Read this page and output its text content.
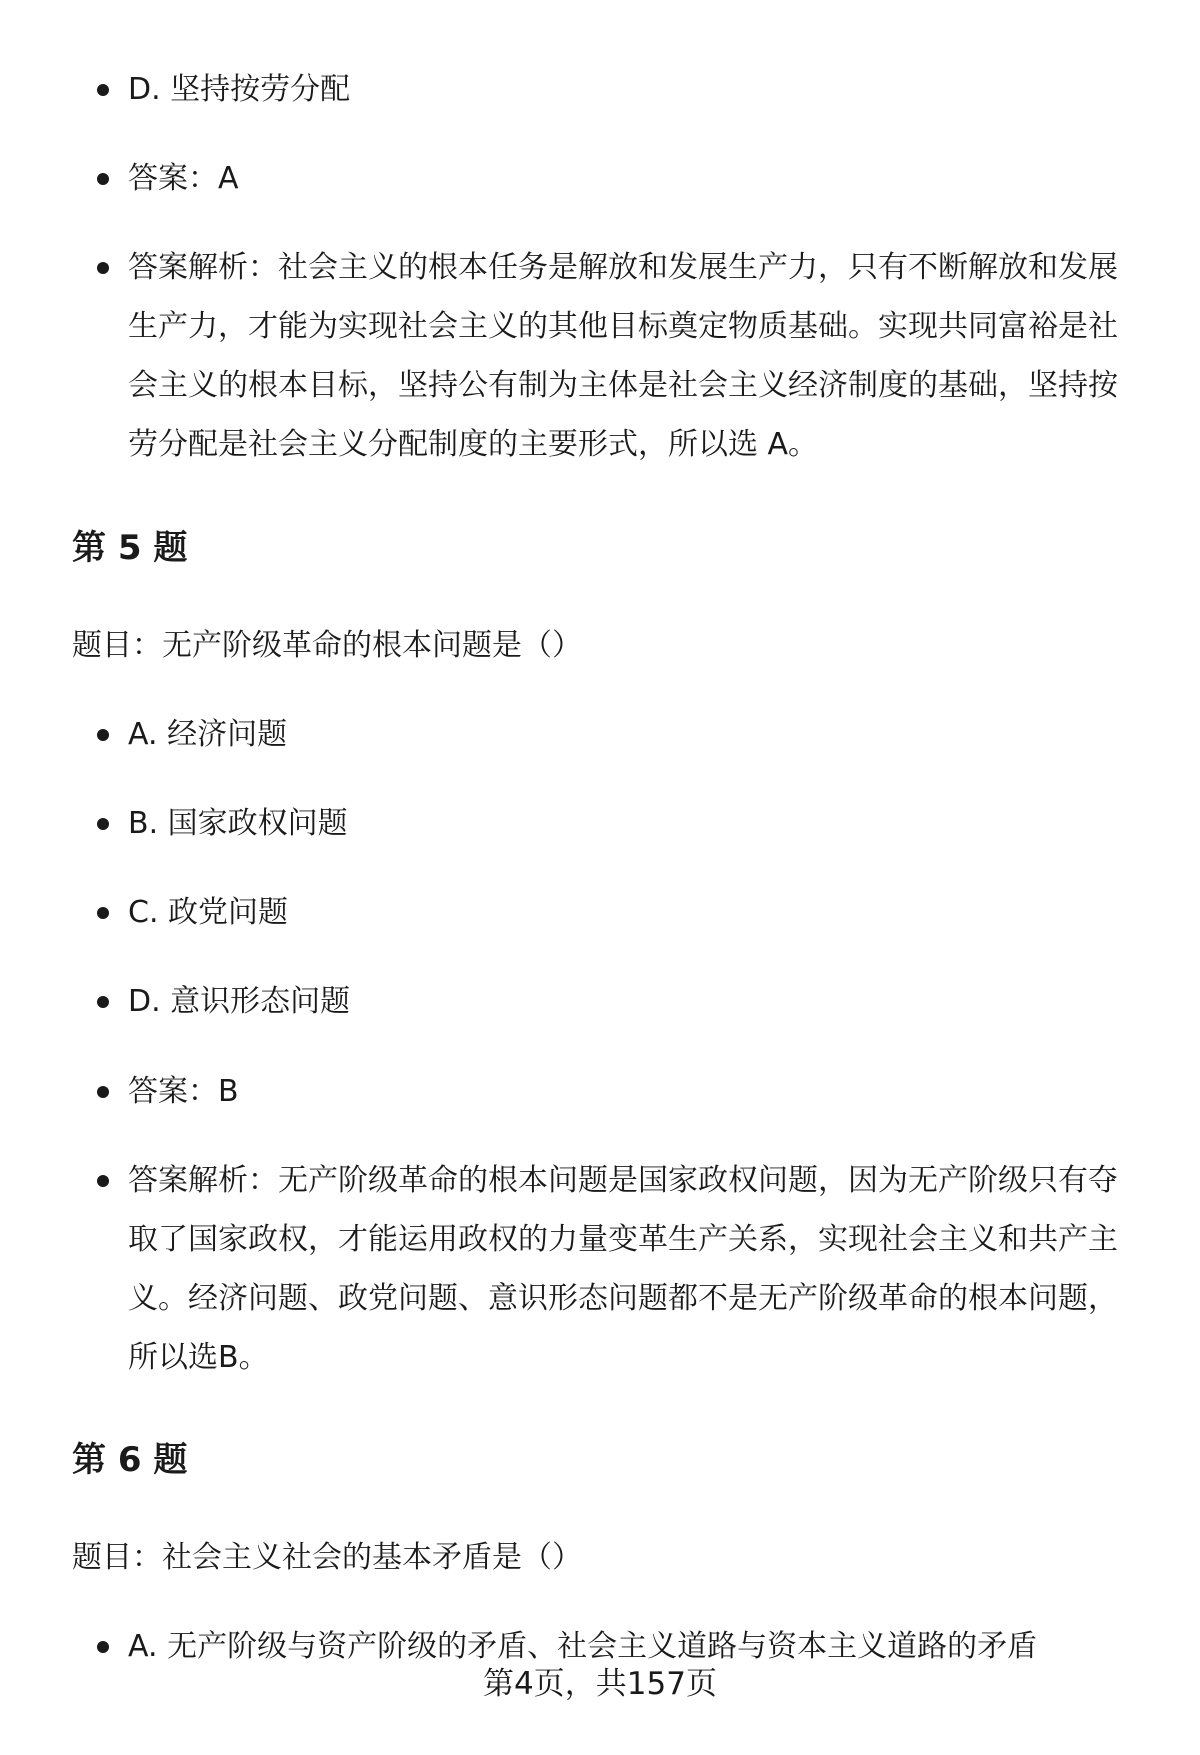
D. 坚持按劳分配

答案：A

答案解析：社会主义的根本任务是解放和发展生产力，只有不断解放和发展生产力，才能为实现社会主义的其他目标奠定物质基础。实现共同富裕是社会主义的根本目标，坚持公有制为主体是社会主义经济制度的基础，坚持按劳分配是社会主义分配制度的主要形式，所以选 A。

第 5 题

题目：无产阶级革命的根本问题是（）

A. 经济问题

B. 国家政权问题

C. 政党问题

D. 意识形态问题

答案：B

答案解析：无产阶级革命的根本问题是国家政权问题，因为无产阶级只有夺取了国家政权，才能运用政权的力量变革生产关系，实现社会主义和共产主义。经济问题、政党问题、意识形态问题都不是无产阶级革命的根本问题，所以选B。

第 6 题

题目：社会主义社会的基本矛盾是（）

A. 无产阶级与资产阶级的矛盾、社会主义道路与资本主义道路的矛盾

第4页，共157页
